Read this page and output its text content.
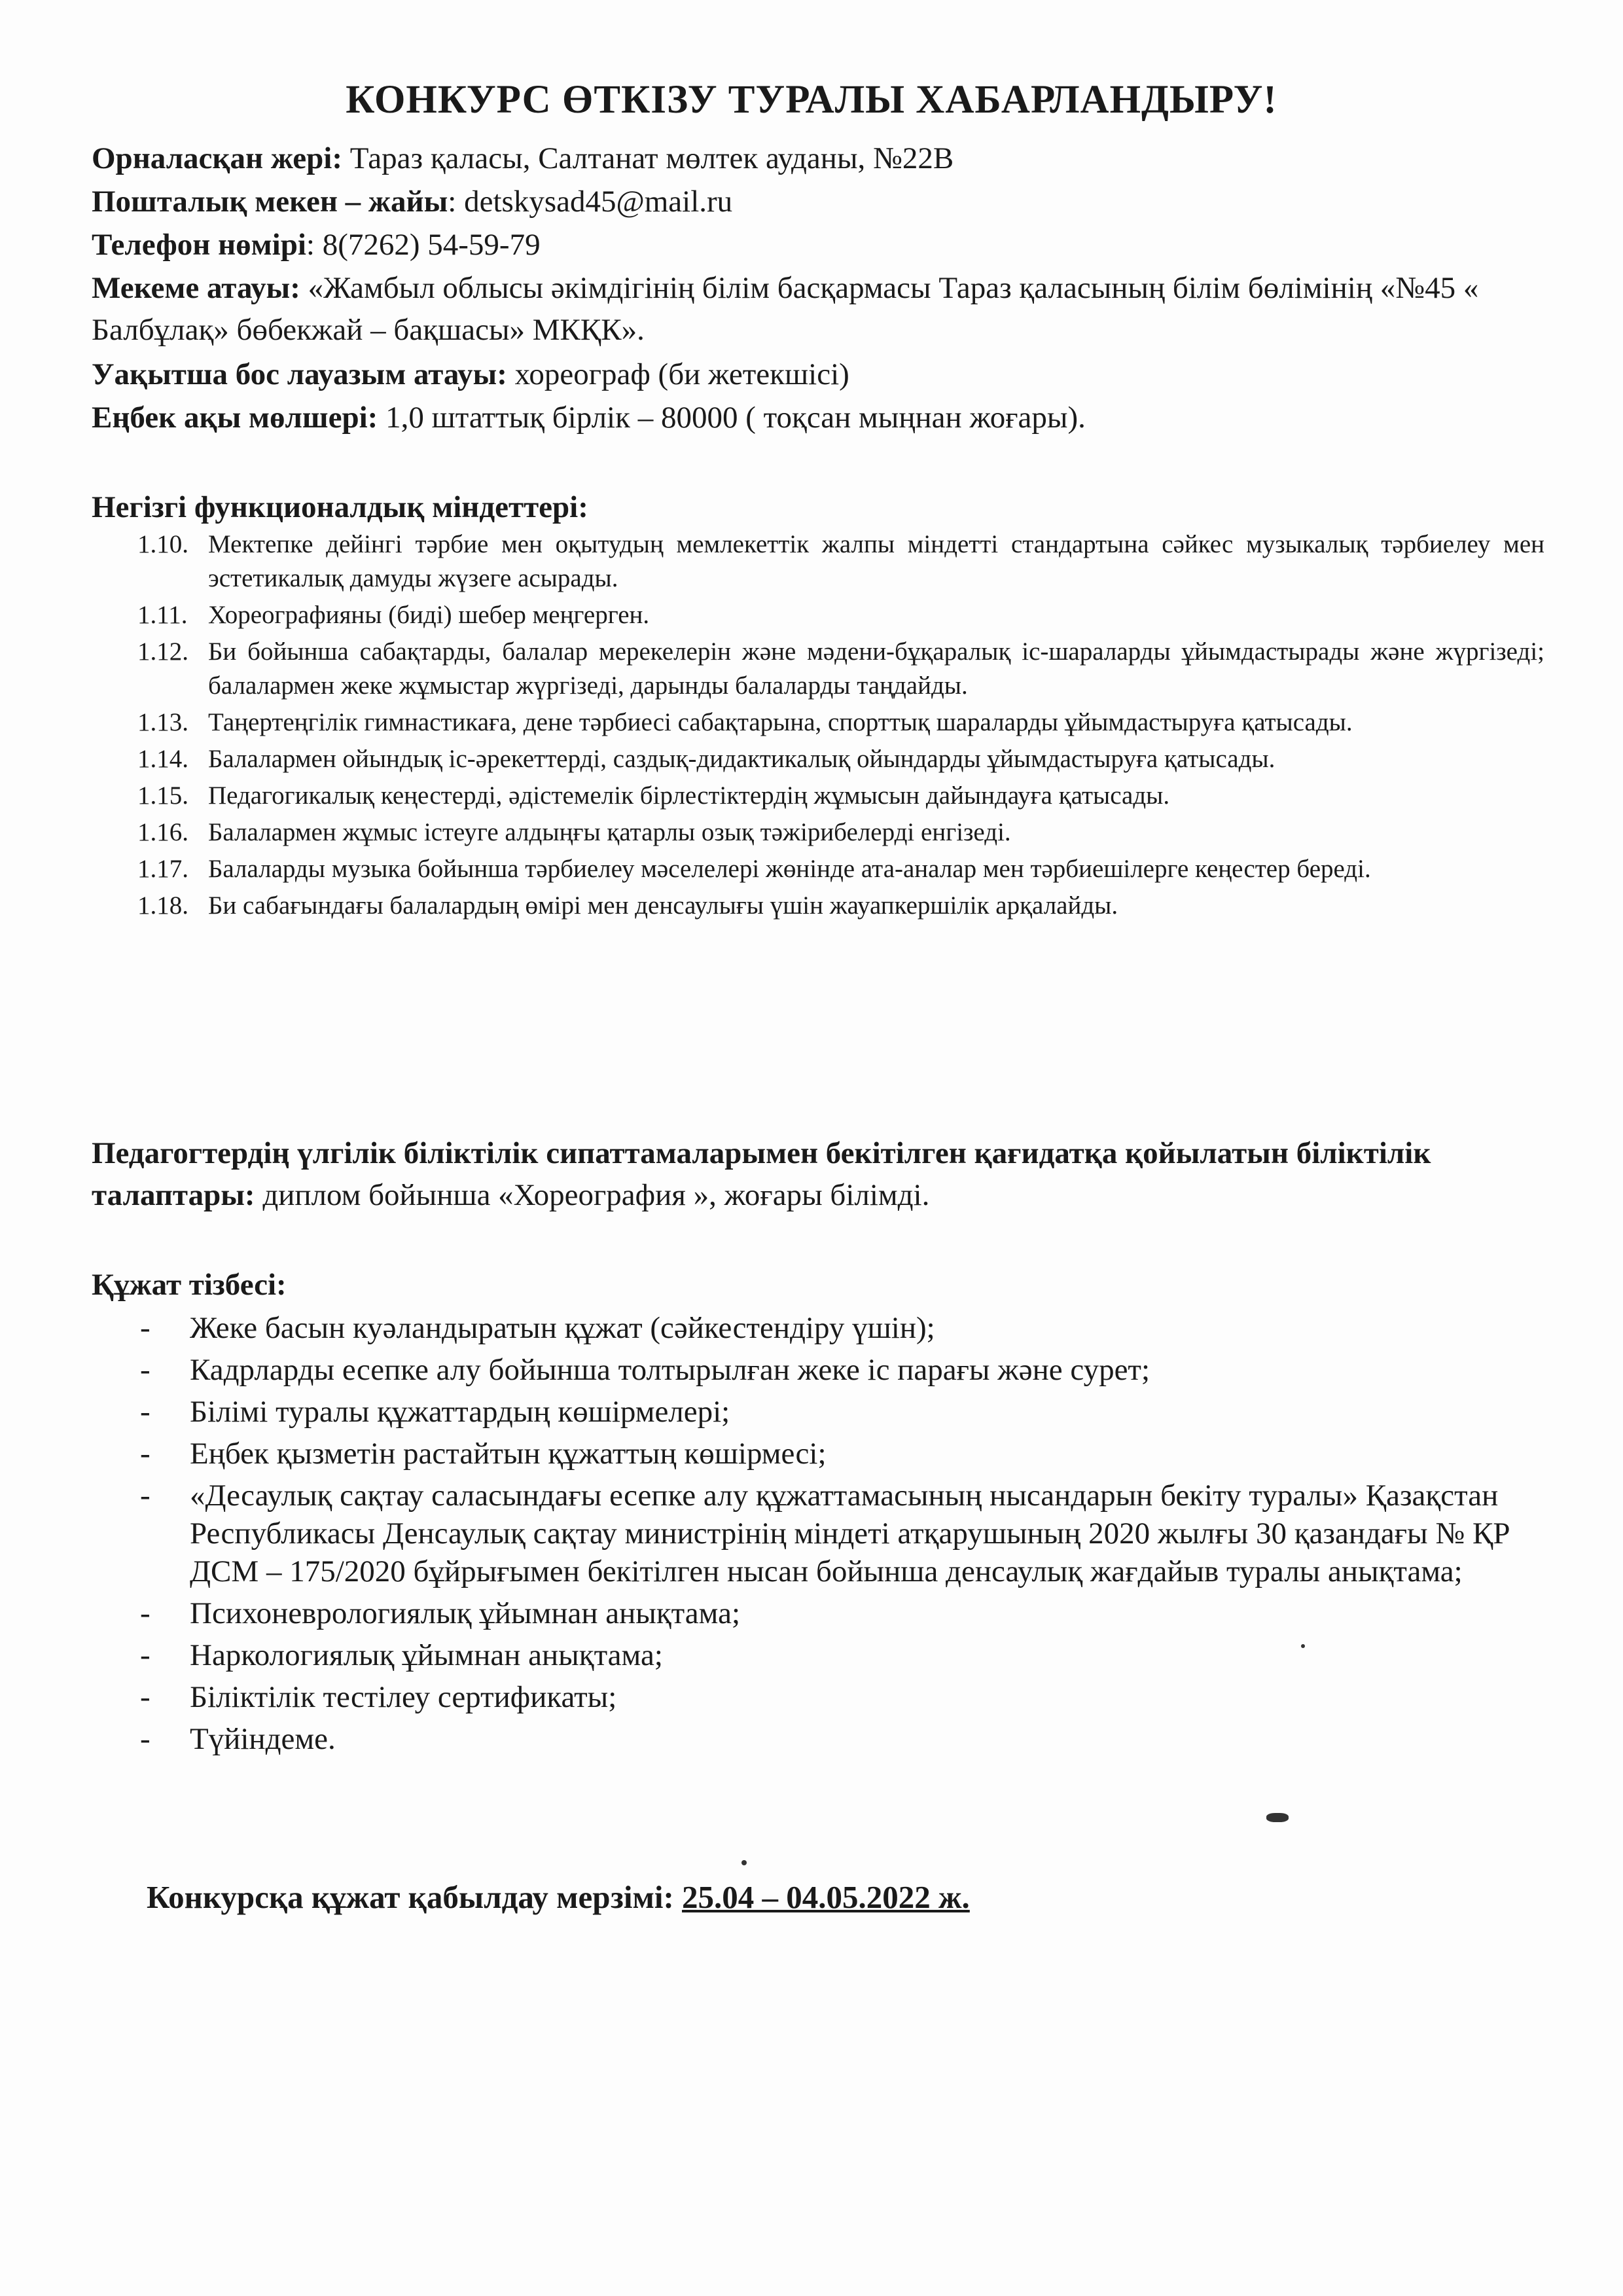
КОНКУРС ӨТКІЗУ ТУРАЛЫ ХАБАРЛАНДЫРУ!
Орналасқан жері: Тараз қаласы, Салтанат мөлтек ауданы, №22В
Пошталық мекен – жайы: detskysad45@mail.ru
Телефон нөмірі: 8(7262) 54-59-79
Мекеме атауы: «Жамбыл облысы әкімдігінің білім басқармасы Тараз қаласының білім бөлімінің «№45 « Балбұлақ» бөбекжай – бақшасы» МКҚК».
Уақытша бос лауазым атауы: хореограф (би жетекшісі)
Еңбек ақы мөлшері: 1,0 штаттық бірлік – 80000 ( тоқсан мыңнан жоғары).
Негізгі функционалдық міндеттері:
1.10. Мектепке дейінгі тәрбие мен оқытудың мемлекеттік жалпы міндетті стандартына сәйкес музыкалық тәрбиелеу мен эстетикалық дамуды жүзеге асырады.
1.11. Хореографияны (биді) шебер меңгерген.
1.12. Би бойынша сабақтарды, балалар мерекелерін және мәдени-бұқаралық іс-шараларды ұйымдастырады және жүргізеді; балалармен жеке жұмыстар жүргізеді, дарынды балаларды таңдайды.
1.13. Таңертеңгілік гимнастикаға, дене тәрбиесі сабақтарына, спорттық шараларды ұйымдастыруға қатысады.
1.14. Балалармен ойындық іс-әрекеттерді, саздық-дидактикалық ойындарды ұйымдастыруға қатысады.
1.15. Педагогикалық кеңестерді, әдістемелік бірлестіктердің жұмысын дайындауға қатысады.
1.16. Балалармен жұмыс істеуге алдыңғы қатарлы озық тәжірибелерді енгізеді.
1.17. Балаларды музыка бойынша тәрбиелеу мәселелері жөнінде ата-аналар мен тәрбиешілерге кеңестер береді.
1.18. Би сабағындағы балалардың өмірі мен денсаулығы үшін жауапкершілік арқалайды.
Педагогтердің үлгілік біліктілік сипаттамаларымен бекітілген қағидатқа қойылатын біліктілік талаптары: диплом бойынша «Хореография », жоғары білімді.
Құжат тізбесі:
-	Жеке басын куәландыратын құжат (сәйкестендіру үшін);
-	Кадрларды есепке алу бойынша толтырылған жеке іс парағы және сурет;
-	Білімі туралы құжаттардың көшірмелері;
-	Еңбек қызметін растайтын құжаттың көшірмесі;
-	«Десаулық сақтау саласындағы есепке алу құжаттамасының нысандарын бекіту туралы» Қазақстан Республикасы Денсаулық сақтау министрінің міндеті атқарушының 2020 жылғы 30 қазандағы № ҚР ДСМ – 175/2020 бұйрығымен бекітілген нысан бойынша денсаулық жағдайыв туралы анықтама;
-	Психоневрологиялық ұйымнан анықтама;
-	Наркологиялық ұйымнан анықтама;
-	Біліктілік тестілеу сертификаты;
-	Түйіндеме.
Конкурсқа құжат қабылдау мерзімі: 25.04 – 04.05.2022 ж.
